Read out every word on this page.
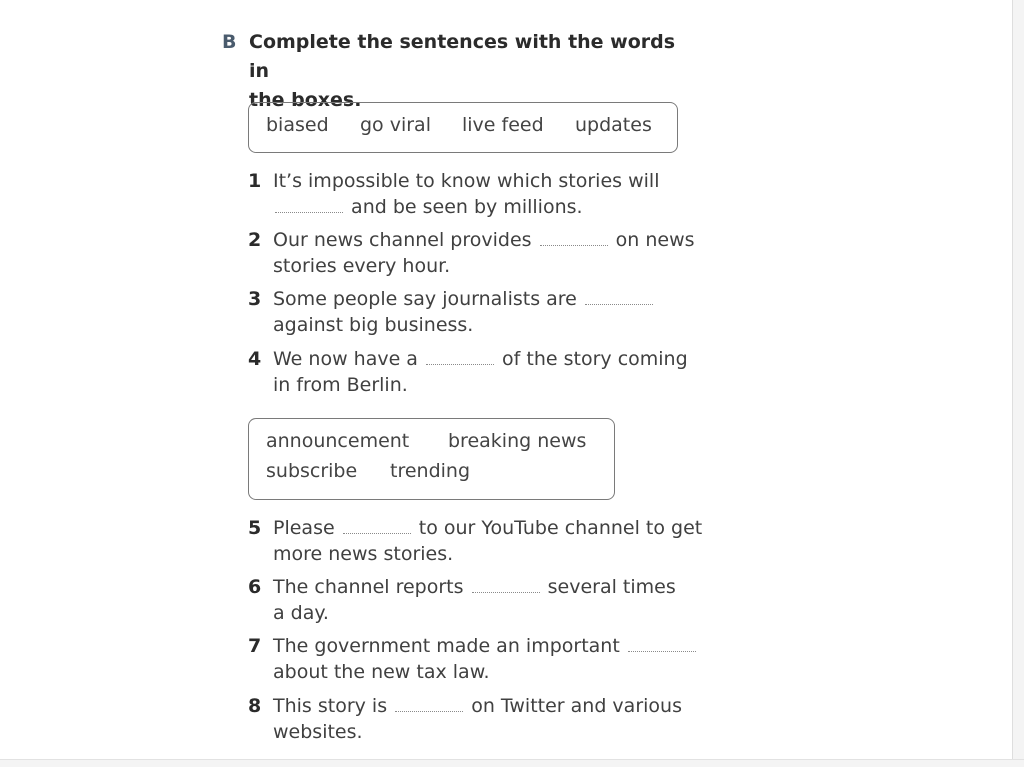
B Complete the sentences with the words in
the boxes.
biased go viral live feed updates
1 It’s impossible to know which stories will
and be seen by millions.
2 Our news channel provides	on news
stories every hour.
3 Some people say journalists are
against big business.
4 We now have a	of the story coming
in from Berlin.
announcement breaking news
subscribe trending
5 Please	to our YouTube channel to get
more news stories.
6 The channel reports	several times
a day.
7 The government made an important
about the new tax law.
8 This story is	on Twitter and various
websites.
